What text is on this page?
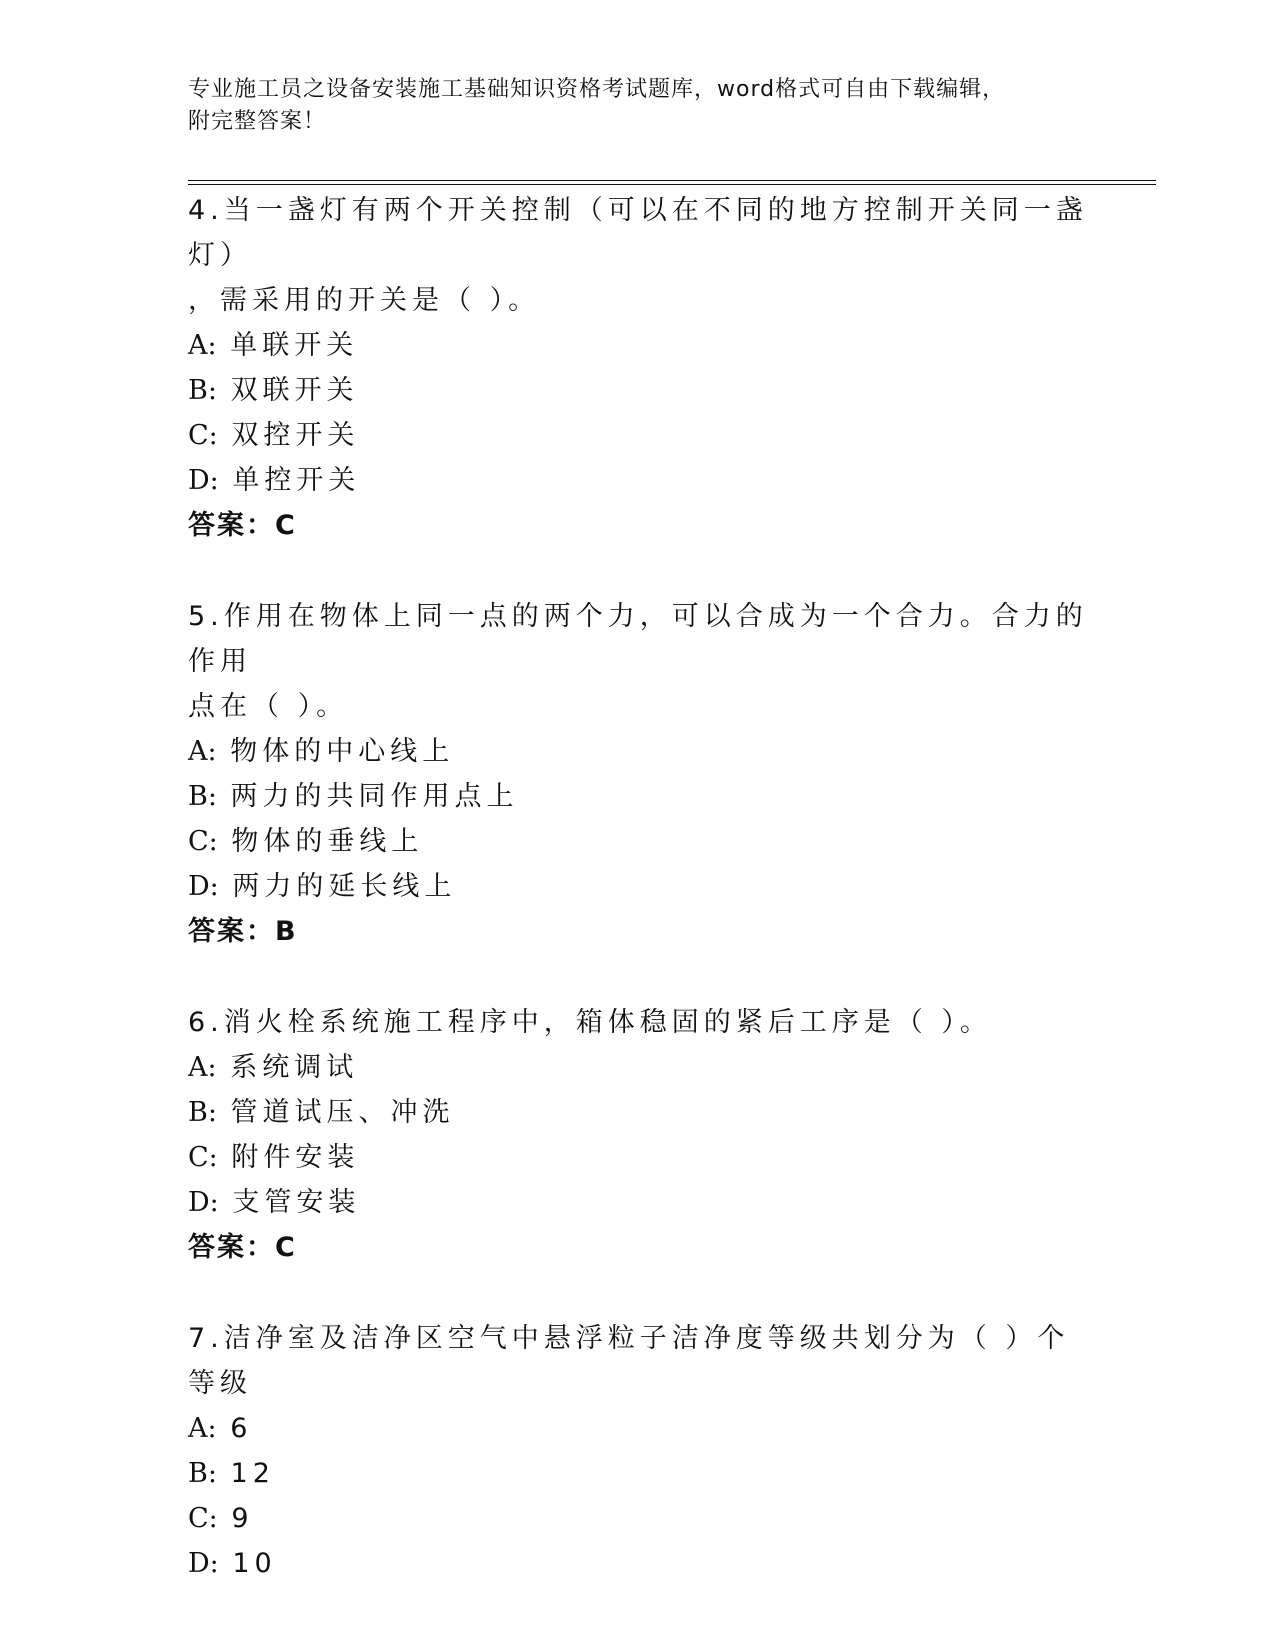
专业施工员之设备安装施工基础知识资格考试题库，word格式可自由下载编辑，
附完整答案！
4.当一盏灯有两个开关控制（可以在不同的地方控制开关同一盏灯）
，需采用的开关是（ ）。
A: 单联开关
B: 双联开关
C: 双控开关
D: 单控开关
答案：C
5.作用在物体上同一点的两个力，可以合成为一个合力。合力的作用
点在（ ）。
A: 物体的中心线上
B: 两力的共同作用点上
C: 物体的垂线上
D: 两力的延长线上
答案：B
6.消火栓系统施工程序中，箱体稳固的紧后工序是（ ）。
A: 系统调试
B: 管道试压、冲洗
C: 附件安装
D: 支管安装
答案：C
7.洁净室及洁净区空气中悬浮粒子洁净度等级共划分为（ ）个等级
A: 6
B: 12
C: 9
D: 10
